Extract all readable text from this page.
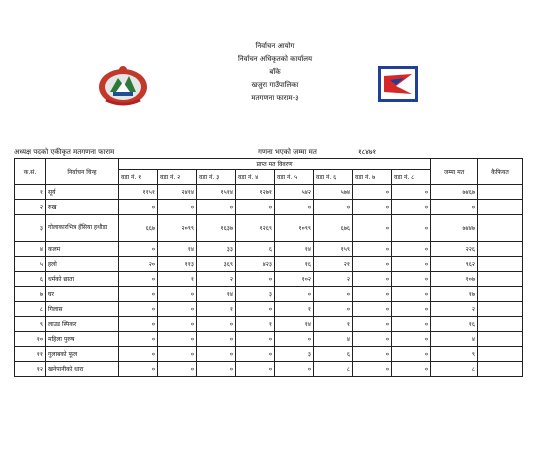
निर्वाचन आयोग
निर्वाचन अधिकृतको कार्यालय
बाँके
खजुरा गाउँपालिका
मतगणना फाराम-३
अध्यक्ष पदको एकीकृत मतगणना फाराम	गणना भएको जम्मा मत	१८४७१
क.सं.	निर्वाचन चिन्ह	प्राप्त मत विवरण								जम्मा मत	कैफियत
		वडा नं. १	वडा नं. २	वडा नं. ३	वडा नं. ४	वडा नं. ५	वडा नं. ६	वडा नं. ७	वडा नं. ८		
१	सूर्य	११५१	२४१४	१५१४	१२७१	५४२	५७४	०	०	७४६७	
२	रुख	०	०	०	०	०	०	०	०	०	
३	गोलाकारभित्र हँसिया हथौडा	६६७	२०९९	१६३७	१२६९	१०९९	६७६	०	०	७४४७	
४	कलम	०	१४	३३	६	१४	१५९	०	०	२२६	
५	हलो	२०	११३	३६९	४२३	१६	२१	०	०	९६२	
६	धर्मको छाता	०	१	२	०	१०२	२	०	०	१०७	
७	घर	०	०	१४	३	०	०	०	०	१७	
८	गिलास	०	०	१	०	१	०	०	०	२	
९	लाउड स्पिकर	०	०	०	१	१४	१	०	०	१६	
१०	महिला पुरुष	०	०	०	०	०	४	०	०	४	
११	गुलाबको फूल	०	०	०	०	३	६	०	०	९	
१२	खनेपानीको धारा	०	०	०	०	०	८	०	०	८	
